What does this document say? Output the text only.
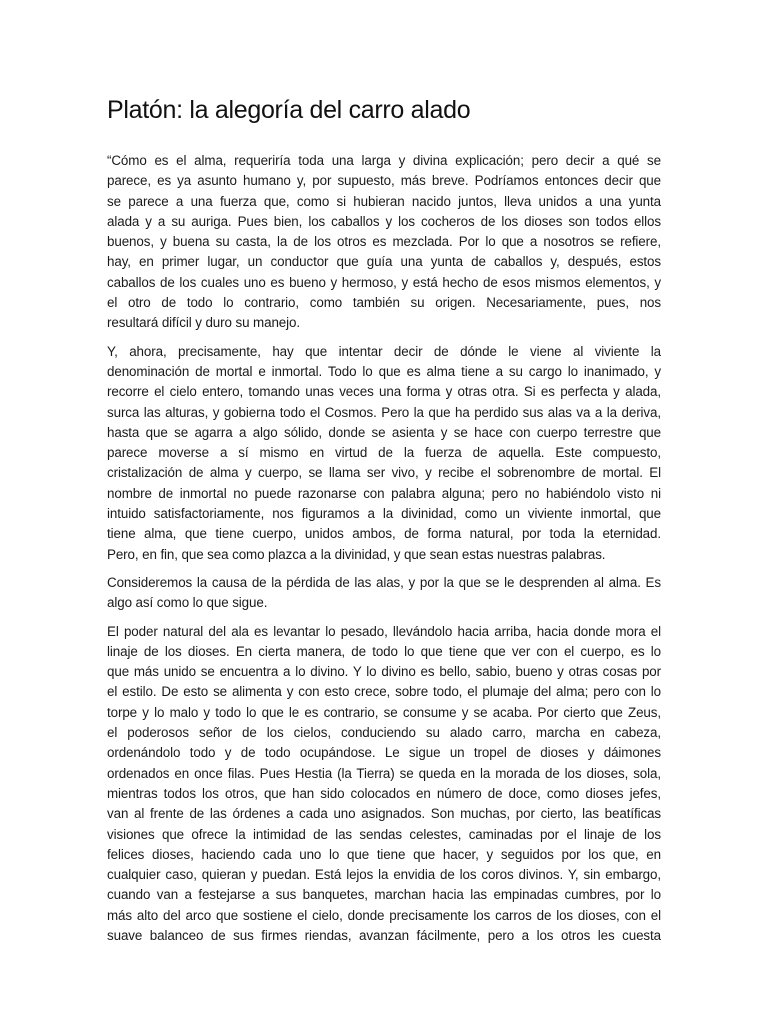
Platón: la alegoría del carro alado
“Cómo es el alma, requeriría toda una larga y divina explicación; pero decir a qué se
parece, es ya asunto humano y, por supuesto, más breve. Podríamos entonces decir que
se parece a una fuerza que, como si hubieran nacido juntos, lleva unidos a una yunta
alada y a su auriga. Pues bien, los caballos y los cocheros de los dioses son todos ellos
buenos, y buena su casta, la de los otros es mezclada. Por lo que a nosotros se refiere,
hay, en primer lugar, un conductor que guía una yunta de caballos y, después, estos
caballos de los cuales uno es bueno y hermoso, y está hecho de esos mismos elementos, y
el otro de todo lo contrario, como también su origen. Necesariamente, pues, nos
resultará difícil y duro su manejo.
Y, ahora, precisamente, hay que intentar decir de dónde le viene al viviente la
denominación de mortal e inmortal. Todo lo que es alma tiene a su cargo lo inanimado, y
recorre el cielo entero, tomando unas veces una forma y otras otra. Si es perfecta y alada,
surca las alturas, y gobierna todo el Cosmos. Pero la que ha perdido sus alas va a la deriva,
hasta que se agarra a algo sólido, donde se asienta y se hace con cuerpo terrestre que
parece moverse a sí mismo en virtud de la fuerza de aquella. Este compuesto,
cristalización de alma y cuerpo, se llama ser vivo, y recibe el sobrenombre de mortal. El
nombre de inmortal no puede razonarse con palabra alguna; pero no habiéndolo visto ni
intuido satisfactoriamente, nos figuramos a la divinidad, como un viviente inmortal, que
tiene alma, que tiene cuerpo, unidos ambos, de forma natural, por toda la eternidad.
Pero, en fin, que sea como plazca a la divinidad, y que sean estas nuestras palabras.
Consideremos la causa de la pérdida de las alas, y por la que se le desprenden al alma. Es
algo así como lo que sigue.
El poder natural del ala es levantar lo pesado, llevándolo hacia arriba, hacia donde mora el
linaje de los dioses. En cierta manera, de todo lo que tiene que ver con el cuerpo, es lo
que más unido se encuentra a lo divino. Y lo divino es bello, sabio, bueno y otras cosas por
el estilo. De esto se alimenta y con esto crece, sobre todo, el plumaje del alma; pero con lo
torpe y lo malo y todo lo que le es contrario, se consume y se acaba. Por cierto que Zeus,
el poderosos señor de los cielos, conduciendo su alado carro, marcha en cabeza,
ordenándolo todo y de todo ocupándose. Le sigue un tropel de dioses y dáimones
ordenados en once filas. Pues Hestia (la Tierra) se queda en la morada de los dioses, sola,
mientras todos los otros, que han sido colocados en número de doce, como dioses jefes,
van al frente de las órdenes a cada uno asignados. Son muchas, por cierto, las beatíficas
visiones que ofrece la intimidad de las sendas celestes, caminadas por el linaje de los
felices dioses, haciendo cada uno lo que tiene que hacer, y seguidos por los que, en
cualquier caso, quieran y puedan. Está lejos la envidia de los coros divinos. Y, sin embargo,
cuando van a festejarse a sus banquetes, marchan hacia las empinadas cumbres, por lo
más alto del arco que sostiene el cielo, donde precisamente los carros de los dioses, con el
suave balanceo de sus firmes riendas, avanzan fácilmente, pero a los otros les cuesta
